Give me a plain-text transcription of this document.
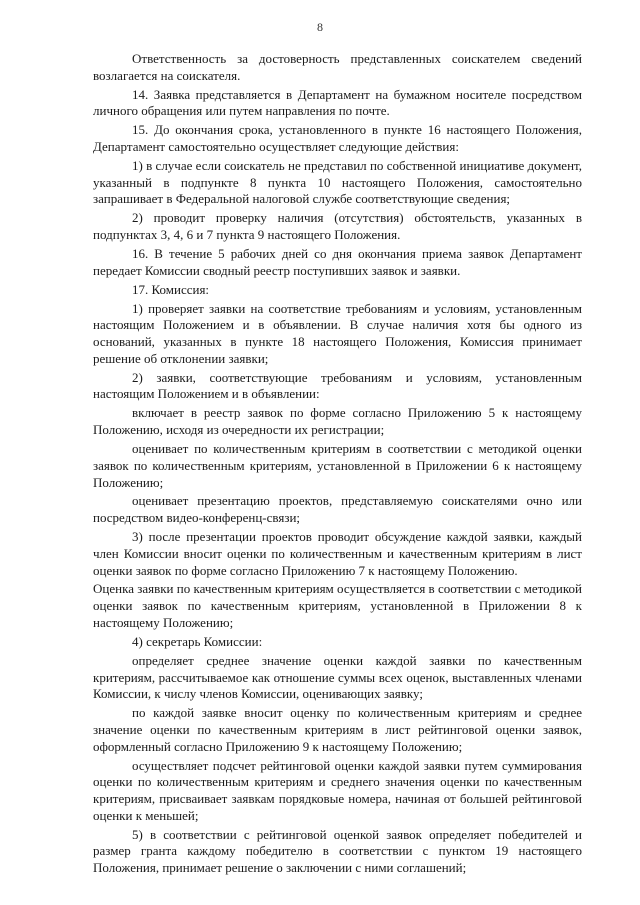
8

Ответственность за достоверность представленных соискателем сведений возлагается на соискателя.

14. Заявка представляется в Департамент на бумажном носителе посредством личного обращения или путем направления по почте.

15. До окончания срока, установленного в пункте 16 настоящего Положения, Департамент самостоятельно осуществляет следующие действия:

1) в случае если соискатель не представил по собственной инициативе документ, указанный в подпункте 8 пункта 10 настоящего Положения, самостоятельно запрашивает в Федеральной налоговой службе соответствующие сведения;

2) проводит проверку наличия (отсутствия) обстоятельств, указанных в подпунктах 3, 4, 6 и 7 пункта 9 настоящего Положения.

16. В течение 5 рабочих дней со дня окончания приема заявок Департамент передает Комиссии сводный реестр поступивших заявок и заявки.

17. Комиссия:

1) проверяет заявки на соответствие требованиям и условиям, установленным настоящим Положением и в объявлении. В случае наличия хотя бы одного из оснований, указанных в пункте 18 настоящего Положения, Комиссия принимает решение об отклонении заявки;

2) заявки, соответствующие требованиям и условиям, установленным настоящим Положением и в объявлении:

включает в реестр заявок по форме согласно Приложению 5 к настоящему Положению, исходя из очередности их регистрации;

оценивает по количественным критериям в соответствии с методикой оценки заявок по количественным критериям, установленной в Приложении 6 к настоящему Положению;

оценивает презентацию проектов, представляемую соискателями очно или посредством видео-конференц-связи;

3) после презентации проектов проводит обсуждение каждой заявки, каждый член Комиссии вносит оценки по количественным и качественным критериям в лист оценки заявок по форме согласно Приложению 7 к настоящему Положению.

Оценка заявки по качественным критериям осуществляется в соответствии с методикой оценки заявок по качественным критериям, установленной в Приложении 8 к настоящему Положению;

4) секретарь Комиссии:

определяет среднее значение оценки каждой заявки по качественным критериям, рассчитываемое как отношение суммы всех оценок, выставленных членами Комиссии, к числу членов Комиссии, оценивающих заявку;

по каждой заявке вносит оценку по количественным критериям и среднее значение оценки по качественным критериям в лист рейтинговой оценки заявок, оформленный согласно Приложению 9 к настоящему Положению;

осуществляет подсчет рейтинговой оценки каждой заявки путем суммирования оценки по количественным критериям и среднего значения оценки по качественным критериям, присваивает заявкам порядковые номера, начиная от большей рейтинговой оценки к меньшей;

5) в соответствии с рейтинговой оценкой заявок определяет победителей и размер гранта каждому победителю в соответствии с пунктом 19 настоящего Положения, принимает решение о заключении с ними соглашений;
